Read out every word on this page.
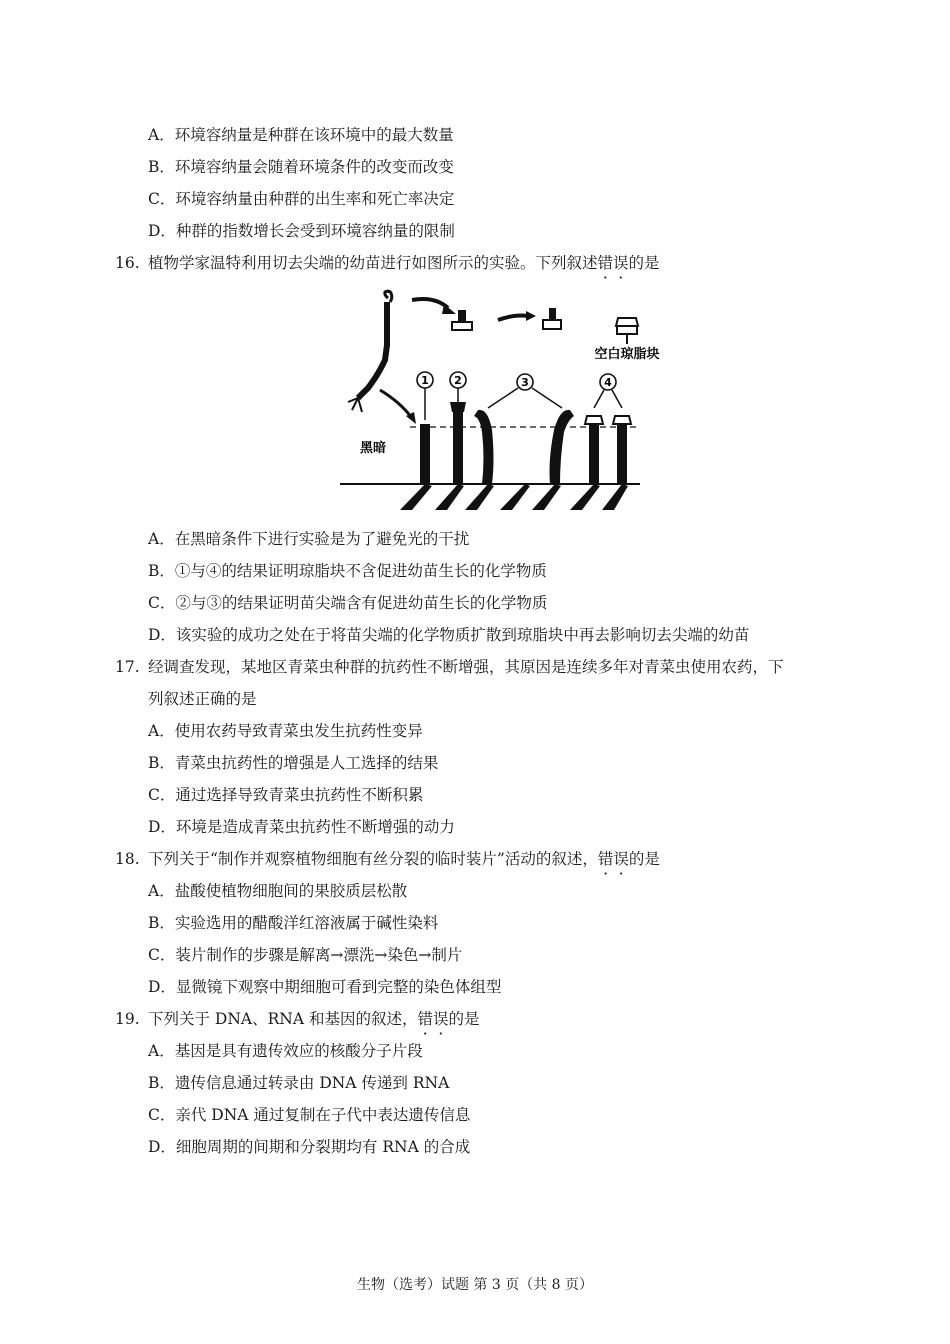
A．环境容纳量是种群在该环境中的最大数量
B．环境容纳量会随着环境条件的改变而改变
C．环境容纳量由种群的出生率和死亡率决定
D．种群的指数增长会受到环境容纳量的限制
16. 植物学家温特利用切去尖端的幼苗进行如图所示的实验。下列叙述错误的是
空白琼脂块
1 2	3	4
黑暗
A．在黑暗条件下进行实验是为了避免光的干扰
B．①与④的结果证明琼脂块不含促进幼苗生长的化学物质
C．②与③的结果证明苗尖端含有促进幼苗生长的化学物质
D．该实验的成功之处在于将苗尖端的化学物质扩散到琼脂块中再去影响切去尖端的幼苗
17. 经调查发现，某地区青菜虫种群的抗药性不断增强，其原因是连续多年对青菜虫使用农药，下
列叙述正确的是
A．使用农药导致青菜虫发生抗药性变异
B．青菜虫抗药性的增强是人工选择的结果
C．通过选择导致青菜虫抗药性不断积累
D．环境是造成青菜虫抗药性不断增强的动力
18. 下列关于“制作并观察植物细胞有丝分裂的临时装片”活动的叙述，错误的是
A．盐酸使植物细胞间的果胶质层松散
B．实验选用的醋酸洋红溶液属于碱性染料
C．装片制作的步骤是解离→漂洗→染色→制片
D．显微镜下观察中期细胞可看到完整的染色体组型
19. 下列关于 DNA、RNA 和基因的叙述，错误的是
A．基因是具有遗传效应的核酸分子片段
B．遗传信息通过转录由 DNA 传递到 RNA
C．亲代 DNA 通过复制在子代中表达遗传信息
D．细胞周期的间期和分裂期均有 RNA 的合成
生物（选考）试题 第 3 页（共 8 页）
